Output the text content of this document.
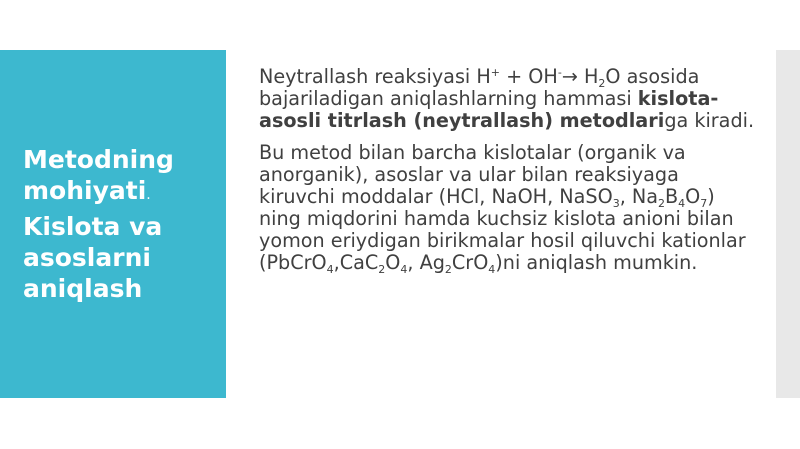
Metodning
mohiyati.
Kislota va
asoslarni
aniqlash

Neytrallash reaksiyasi $H^+ + OH^-\to H_2O$ asosida bajariladigan aniqlashlarning hammasi kislota-asosli titrlash (neytrallash) metodlariga kiradi.

Bu metod bilan barcha kislotalar (organik va anorganik), asoslar va ular bilan reaksiyaga kiruvchi moddalar (HCl, NaOH, NaSO$_3$, $Na_2B_4O_7$) ning miqdorini hamda kuchsiz kislota anioni bilan yomon eriydigan birikmalar hosil qiluvchi kationlar ($PbCrO_4,CaC_2O_4$, $Ag_2CrO_4)ni$ aniqlash mumkin.
